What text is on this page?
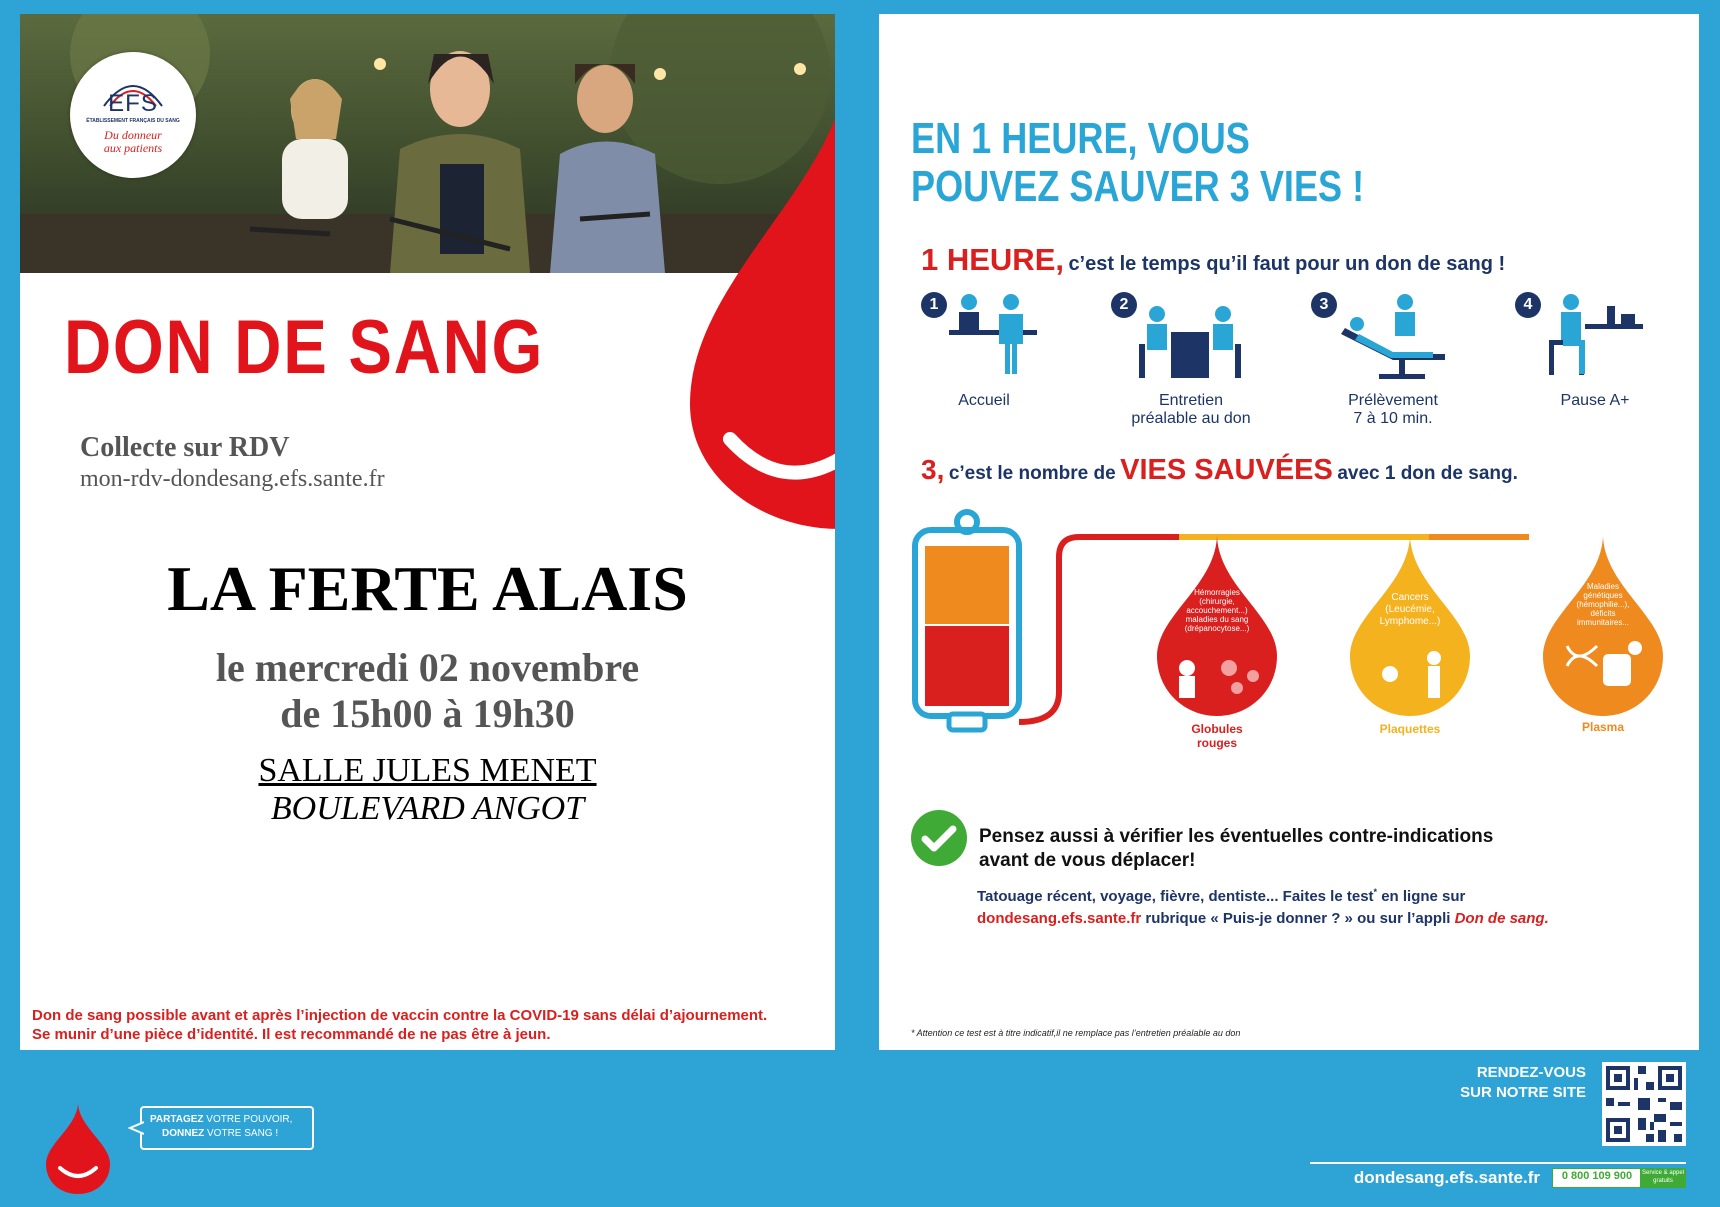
EFS
ÉTABLISSEMENT FRANÇAIS DU SANG
Du donneur
aux patients
DON DE SANG
Collecte sur RDV
mon-rdv-dondesang.efs.sante.fr
LA FERTE ALAIS
le mercredi 02 novembre
de 15h00 à 19h30
SALLE JULES MENET
BOULEVARD ANGOT
Don de sang possible avant et après l’injection de vaccin contre la COVID-19 sans délai d’ajournement.
Se munir d’une pièce d’identité. Il est recommandé de ne pas être à jeun.
EN 1 HEURE, VOUS
POUVEZ SAUVER 3 VIES !
1 HEURE, c’est le temps qu’il faut pour un don de sang !
1
Accueil
2
Entretien
préalable au don
3
Prélèvement
7 à 10 min.
4
Pause A+
3, c’est le nombre de VIES SAUVÉES avec 1 don de sang.
Hémorragies
(chirurgie,
accouchement...)
maladies du sang
(drépanocytose...)
Globules
rouges
Cancers
(Leucémie,
Lymphome...)
Plaquettes
Maladies
génétiques
(hémophilie...),
déficits
immunitaires...
Plasma
Pensez aussi à vérifier les éventuelles contre-indications
avant de vous déplacer!
Tatouage récent, voyage, fièvre, dentiste... Faites le test* en ligne sur
dondesang.efs.sante.fr rubrique « Puis-je donner ? » ou sur l’appli Don de sang.
* Attention ce test est à titre indicatif,il ne remplace pas l’entretien préalable au don
PARTAGEZ VOTRE POUVOIR,
DONNEZ VOTRE SANG !
RENDEZ-VOUS
SUR NOTRE SITE
dondesang.efs.sante.fr	0 800 109 900	Service & appel
gratuits
